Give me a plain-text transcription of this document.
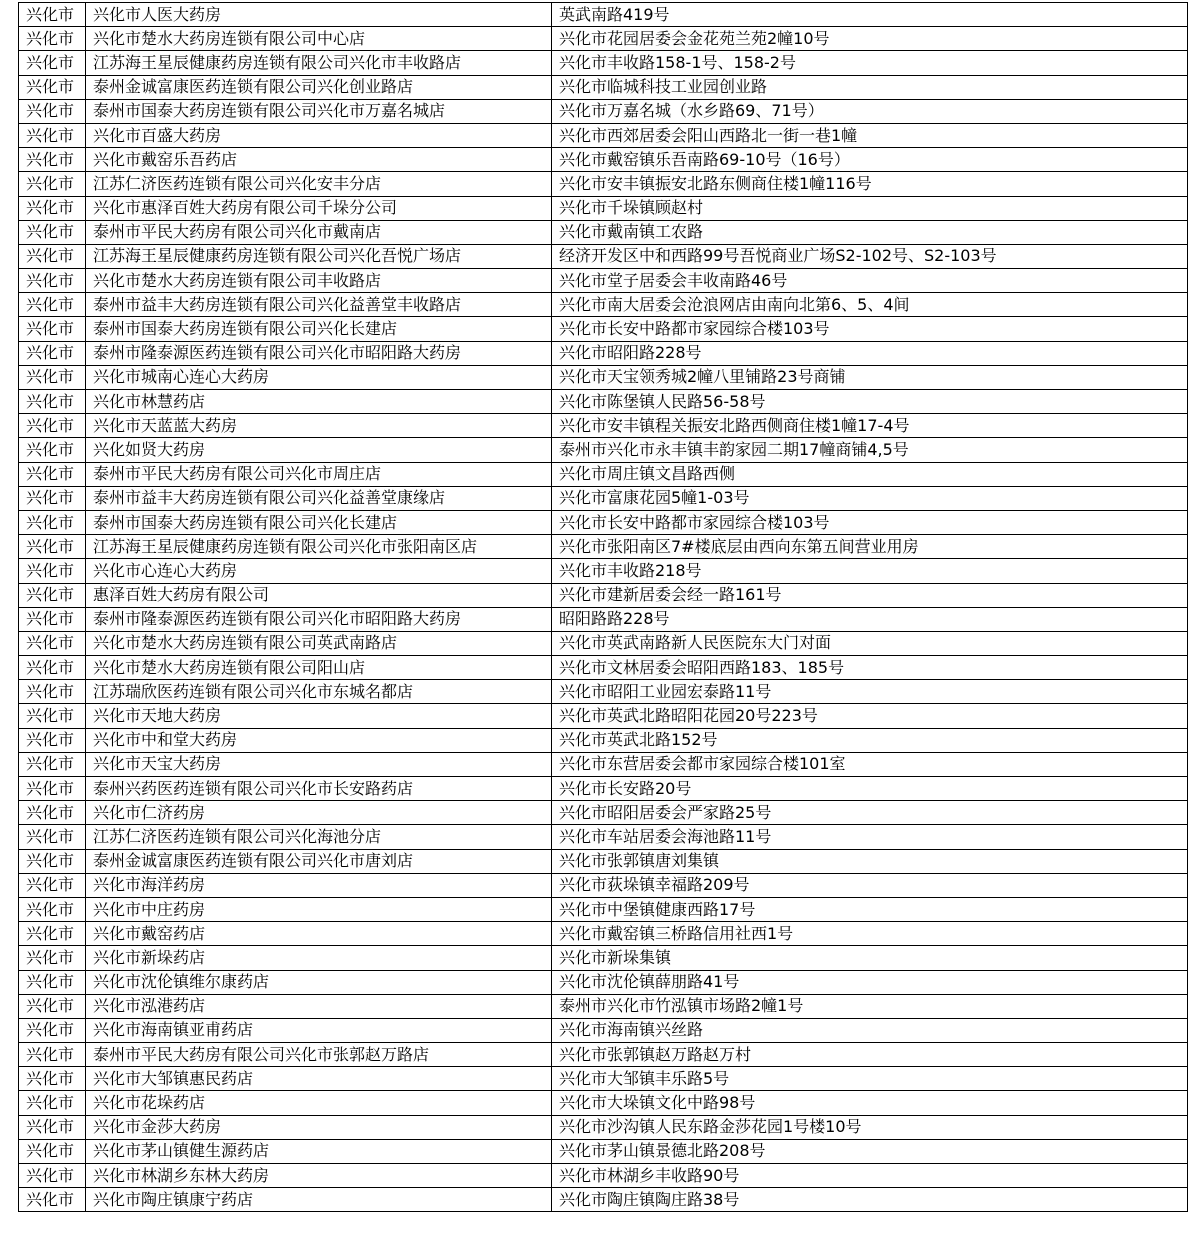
兴化市	兴化市人医大药房	英武南路419号
兴化市	兴化市楚水大药房连锁有限公司中心店	兴化市花园居委会金花苑兰苑2幢10号
兴化市	江苏海王星辰健康药房连锁有限公司兴化市丰收路店	兴化市丰收路158-1号、158-2号
兴化市	泰州金诚富康医药连锁有限公司兴化创业路店	兴化市临城科技工业园创业路
兴化市	泰州市国泰大药房连锁有限公司兴化市万嘉名城店	兴化市万嘉名城（水乡路69、71号）
兴化市	兴化市百盛大药房	兴化市西郊居委会阳山西路北一街一巷1幢
兴化市	兴化市戴窑乐吾药店	兴化市戴窑镇乐吾南路69-10号（16号）
兴化市	江苏仁济医药连锁有限公司兴化安丰分店	兴化市安丰镇振安北路东侧商住楼1幢116号
兴化市	兴化市惠泽百姓大药房有限公司千垛分公司	兴化市千垛镇顾赵村
兴化市	泰州市平民大药房有限公司兴化市戴南店	兴化市戴南镇工农路
兴化市	江苏海王星辰健康药房连锁有限公司兴化吾悦广场店	经济开发区中和西路99号吾悦商业广场S2-102号、S2-103号
兴化市	兴化市楚水大药房连锁有限公司丰收路店	兴化市堂子居委会丰收南路46号
兴化市	泰州市益丰大药房连锁有限公司兴化益善堂丰收路店	兴化市南大居委会沧浪网店由南向北第6、5、4间
兴化市	泰州市国泰大药房连锁有限公司兴化长建店	兴化市长安中路都市家园综合楼103号
兴化市	泰州市隆泰源医药连锁有限公司兴化市昭阳路大药房	兴化市昭阳路228号
兴化市	兴化市城南心连心大药房	兴化市天宝领秀城2幢八里铺路23号商铺
兴化市	兴化市林慧药店	兴化市陈堡镇人民路56-58号
兴化市	兴化市天蓝蓝大药房	兴化市安丰镇程关振安北路西侧商住楼1幢17-4号
兴化市	兴化如贤大药房	泰州市兴化市永丰镇丰韵家园二期17幢商铺4,5号
兴化市	泰州市平民大药房有限公司兴化市周庄店	兴化市周庄镇文昌路西侧
兴化市	泰州市益丰大药房连锁有限公司兴化益善堂康缘店	兴化市富康花园5幢1-03号
兴化市	泰州市国泰大药房连锁有限公司兴化长建店	兴化市长安中路都市家园综合楼103号
兴化市	江苏海王星辰健康药房连锁有限公司兴化市张阳南区店	兴化市张阳南区7#楼底层由西向东第五间营业用房
兴化市	兴化市心连心大药房	兴化市丰收路218号
兴化市	惠泽百姓大药房有限公司	兴化市建新居委会经一路161号
兴化市	泰州市隆泰源医药连锁有限公司兴化市昭阳路大药房	昭阳路路228号
兴化市	兴化市楚水大药房连锁有限公司英武南路店	兴化市英武南路新人民医院东大门对面
兴化市	兴化市楚水大药房连锁有限公司阳山店	兴化市文林居委会昭阳西路183、185号
兴化市	江苏瑞欣医药连锁有限公司兴化市东城名都店	兴化市昭阳工业园宏泰路11号
兴化市	兴化市天地大药房	兴化市英武北路昭阳花园20号223号
兴化市	兴化市中和堂大药房	兴化市英武北路152号
兴化市	兴化市天宝大药房	兴化市东营居委会都市家园综合楼101室
兴化市	泰州兴药医药连锁有限公司兴化市长安路药店	兴化市长安路20号
兴化市	兴化市仁济药房	兴化市昭阳居委会严家路25号
兴化市	江苏仁济医药连锁有限公司兴化海池分店	兴化市车站居委会海池路11号
兴化市	泰州金诚富康医药连锁有限公司兴化市唐刘店	兴化市张郭镇唐刘集镇
兴化市	兴化市海洋药房	兴化市荻垛镇幸福路209号
兴化市	兴化市中庄药房	兴化市中堡镇健康西路17号
兴化市	兴化市戴窑药店	兴化市戴窑镇三桥路信用社西1号
兴化市	兴化市新垛药店	兴化市新垛集镇
兴化市	兴化市沈伦镇维尔康药店	兴化市沈伦镇薛朋路41号
兴化市	兴化市泓港药店	泰州市兴化市竹泓镇市场路2幢1号
兴化市	兴化市海南镇亚甫药店	兴化市海南镇兴丝路
兴化市	泰州市平民大药房有限公司兴化市张郭赵万路店	兴化市张郭镇赵万路赵万村
兴化市	兴化市大邹镇惠民药店	兴化市大邹镇丰乐路5号
兴化市	兴化市花垛药店	兴化市大垛镇文化中路98号
兴化市	兴化市金莎大药房	兴化市沙沟镇人民东路金莎花园1号楼10号
兴化市	兴化市茅山镇健生源药店	兴化市茅山镇景德北路208号
兴化市	兴化市林湖乡东林大药房	兴化市林湖乡丰收路90号
兴化市	兴化市陶庄镇康宁药店	兴化市陶庄镇陶庄路38号
